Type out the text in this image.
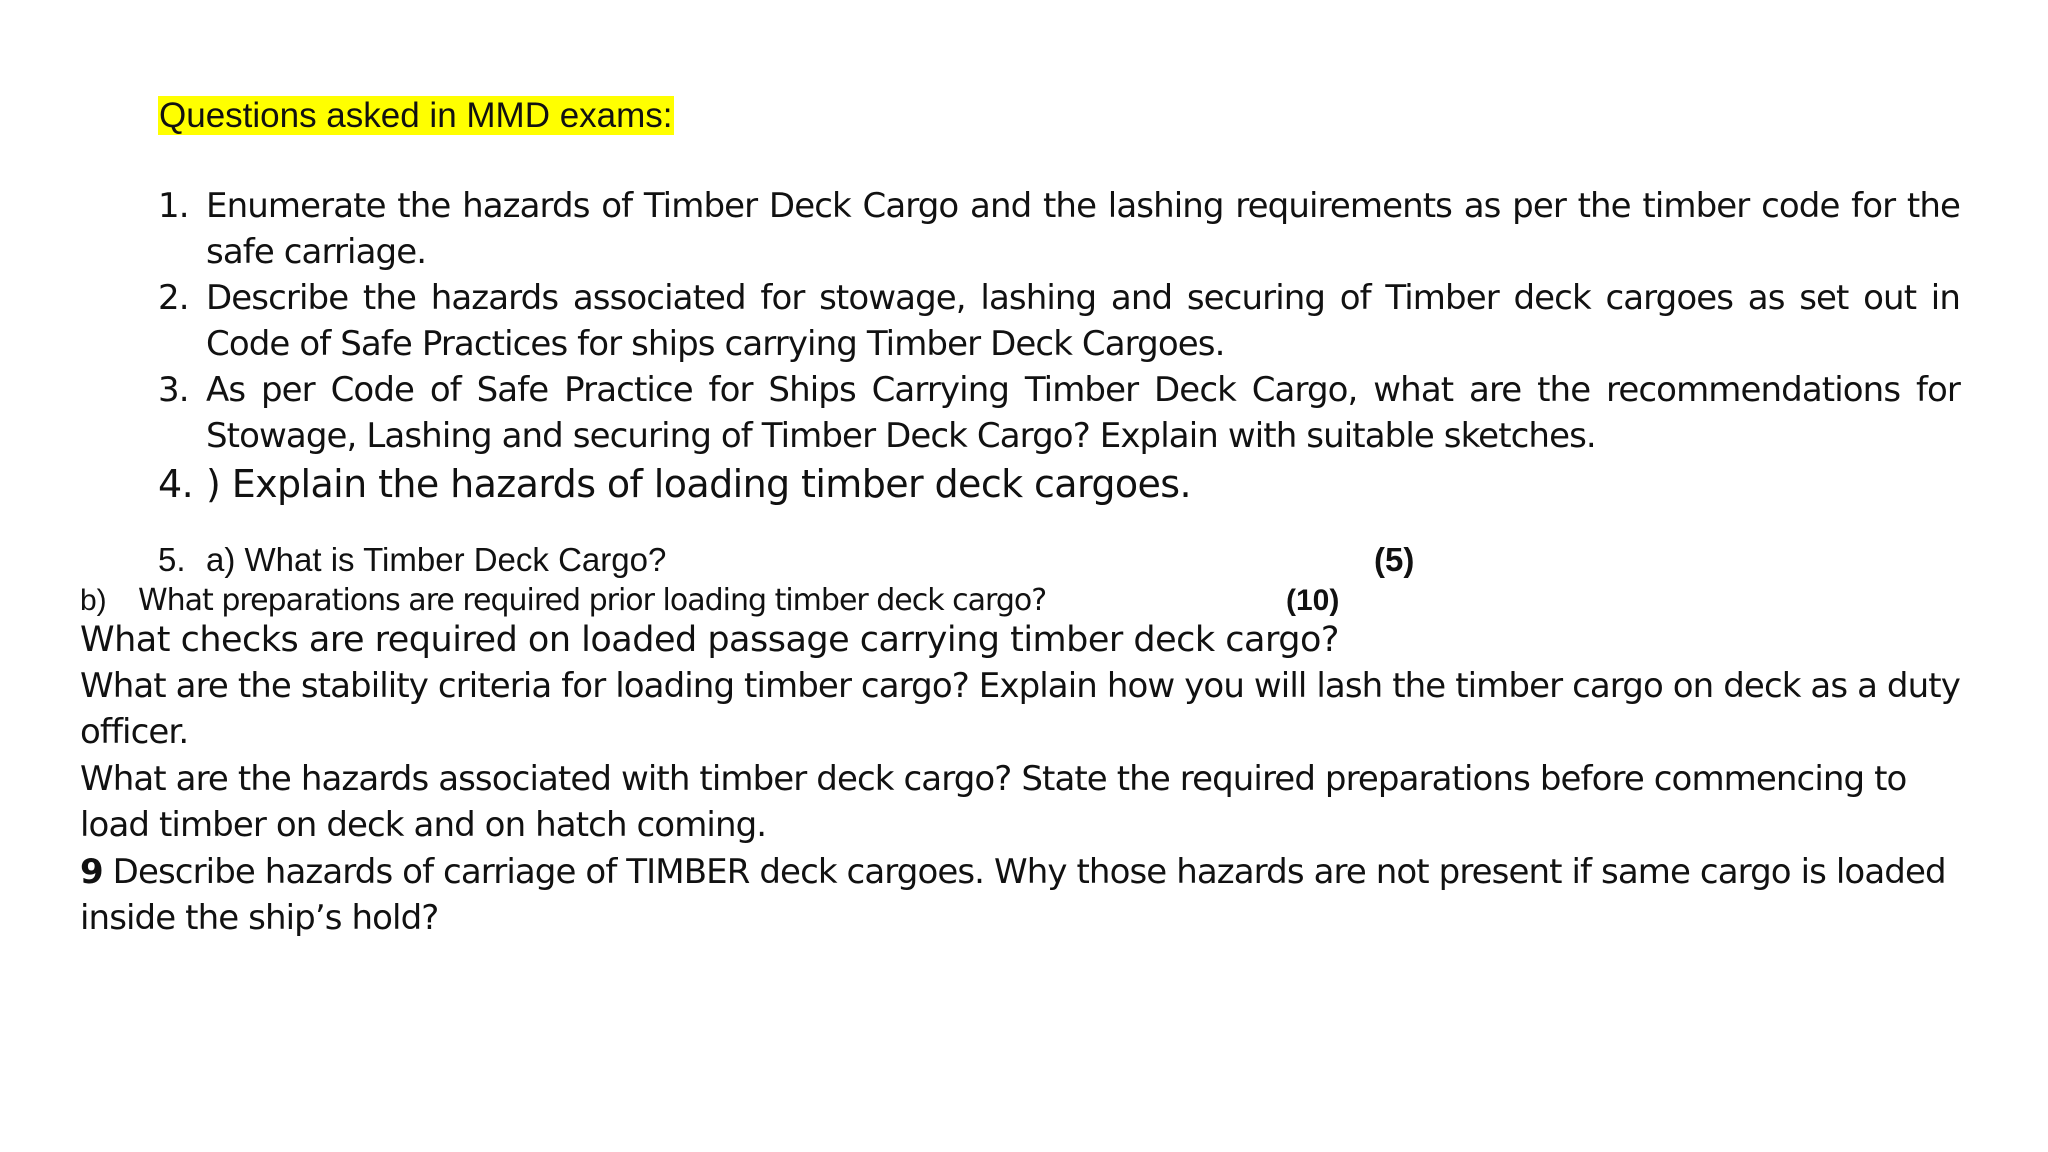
Questions asked in MMD exams:
1. Enumerate the hazards of Timber Deck Cargo and the lashing requirements as per the timber code for the safe carriage.
2. Describe the hazards associated for stowage, lashing and securing of Timber deck cargoes as set out in Code of Safe Practices for ships carrying Timber Deck Cargoes.
3. As per Code of Safe Practice for Ships Carrying Timber Deck Cargo, what are the recommendations for Stowage, Lashing and securing of Timber Deck Cargo? Explain with suitable sketches.
4. ) Explain the hazards of loading timber deck cargoes.
5. a) What is Timber Deck Cargo?	(5)
b)	What preparations are required prior loading timber deck cargo?	(10)
What checks are required on loaded passage carrying timber deck cargo?
What are the stability criteria for loading timber cargo? Explain how you will lash the timber cargo on deck as a duty officer.
What are the hazards associated with timber deck cargo? State the required preparations before commencing to load timber on deck and on hatch coming.
9 Describe hazards of carriage of TIMBER deck cargoes. Why those hazards are not present if same cargo is loaded inside the ship’s hold?
